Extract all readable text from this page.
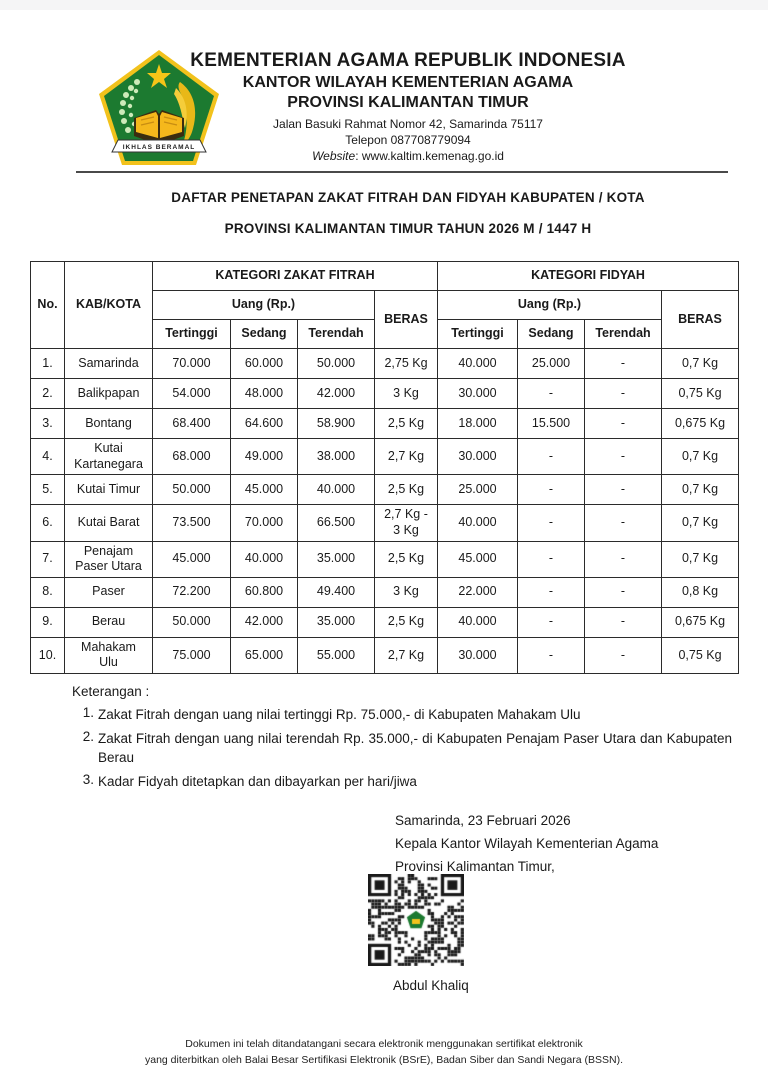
IKHLAS BERAMAL

KEMENTERIAN AGAMA REPUBLIK INDONESIA

KANTOR WILAYAH KEMENTERIAN AGAMA

PROVINSI KALIMANTAN TIMUR

Jalan Basuki Rahmat Nomor 42, Samarinda 75117

Telepon 087708779094

Website: www.kaltim.kemenag.go.id

DAFTAR PENETAPAN ZAKAT FITRAH DAN FIDYAH KABUPATEN / KOTA
PROVINSI KALIMANTAN TIMUR TAHUN 2026 M / 1447 H
No.	KAB/KOTA	KATEGORI ZAKAT FITRAH				KATEGORI FIDYAH			
		Uang (Rp.)			BERAS	Uang (Rp.)			BERAS
		Tertinggi	Sedang	Terendah		Tertinggi	Sedang	Terendah	
1.	Samarinda	70.000	60.000	50.000	2,75 Kg	40.000	25.000	-	0,7 Kg
2.	Balikpapan	54.000	48.000	42.000	3 Kg	30.000	-	-	0,75 Kg
3.	Bontang	68.400	64.600	58.900	2,5 Kg	18.000	15.500	-	0,675 Kg
4.	Kutai Kartanegara	68.000	49.000	38.000	2,7 Kg	30.000	-	-	0,7 Kg
5.	Kutai Timur	50.000	45.000	40.000	2,5 Kg	25.000	-	-	0,7 Kg
6.	Kutai Barat	73.500	70.000	66.500	2,7 Kg - 3 Kg	40.000	-	-	0,7 Kg
7.	Penajam Paser Utara	45.000	40.000	35.000	2,5 Kg	45.000	-	-	0,7 Kg
8.	Paser	72.200	60.800	49.400	3 Kg	22.000	-	-	0,8 Kg
9.	Berau	50.000	42.000	35.000	2,5 Kg	40.000	-	-	0,675 Kg
10.	Mahakam Ulu	75.000	65.000	55.000	2,7 Kg	30.000	-	-	0,75 Kg

Keterangan :

1. Zakat Fitrah dengan uang nilai tertinggi Rp. 75.000,- di Kabupaten Mahakam Ulu
2. Zakat Fitrah dengan uang nilai terendah Rp. 35.000,- di Kabupaten Penajam Paser Utara dan Kabupaten Berau
3. Kadar Fidyah ditetapkan dan dibayarkan per hari/jiwa
Samarinda, 23 Februari 2026
Kepala Kantor Wilayah Kementerian Agama
Provinsi Kalimantan Timur,
Abdul Khaliq
Dokumen ini telah ditandatangani secara elektronik menggunakan sertifikat elektronik
yang diterbitkan oleh Balai Besar Sertifikasi Elektronik (BSrE), Badan Siber dan Sandi Negara (BSSN).
